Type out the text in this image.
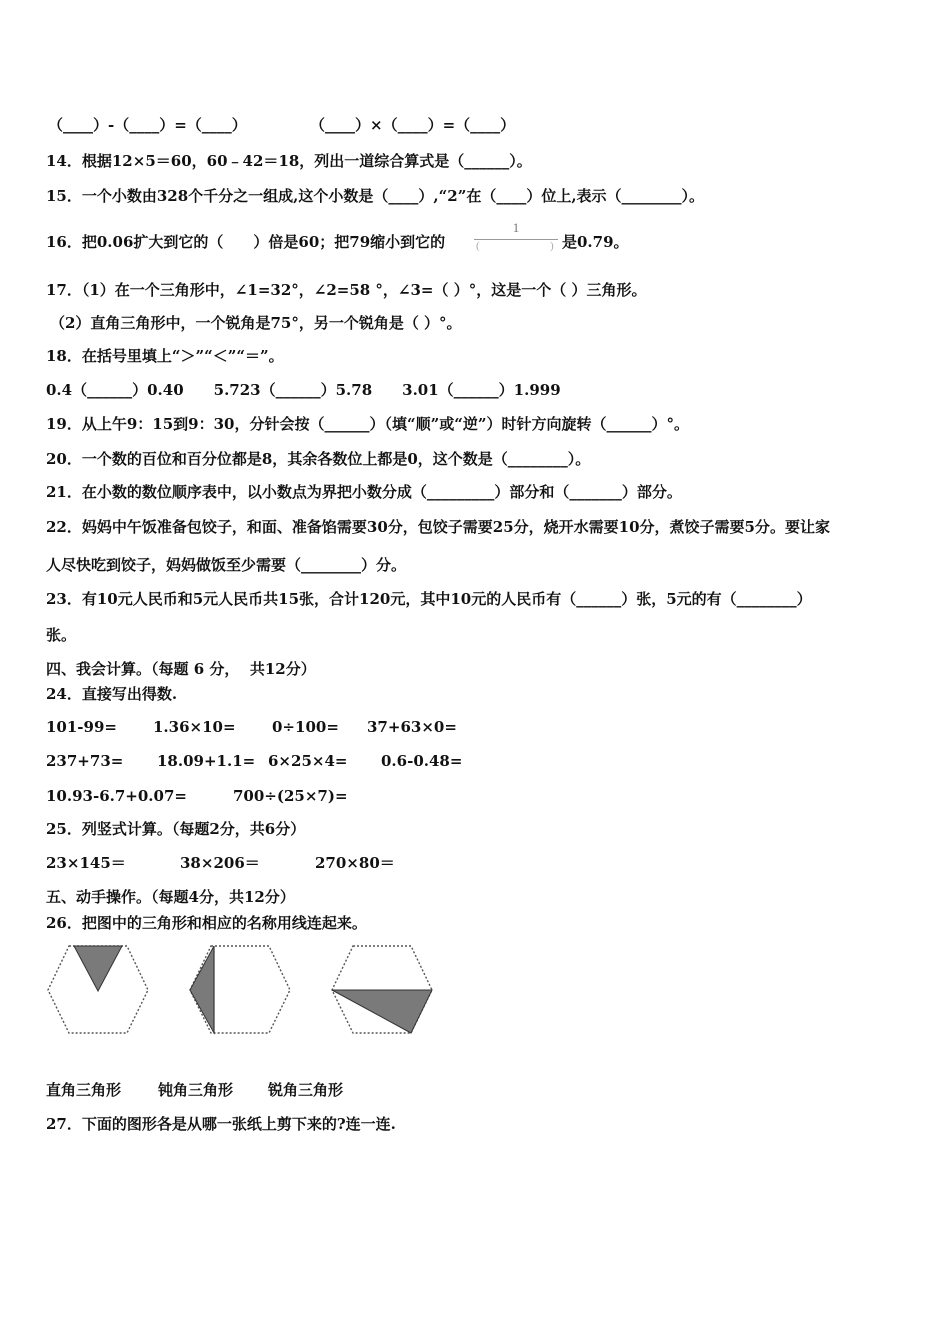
（____）-（____）=（____）	（____）×（____）=（____）
14．根据12×5＝60，60﹣42＝18，列出一道综合算式是（______）。
15．一个小数由328个千分之一组成,这个小数是（____）,“2”在（____）位上,表示（________）。
16．把0.06扩大到它的（　　）倍是60；把79缩小到它的
1
(	) 是0.79。
17．（1）在一个三角形中，∠1=32°，∠2=58 °，∠3=（ ）°，这是一个（ ）三角形。
（2）直角三角形中，一个锐角是75°，另一个锐角是（ ）°。
18．在括号里填上“＞”“＜”“＝”。
0.4（______）0.40　　5.723（______）5.78　　3.01（______）1.999
19．从上午9：15到9：30，分针会按（______）（填“顺”或“逆”）时针方向旋转（______）°。
20．一个数的百位和百分位都是8，其余各数位上都是0，这个数是（________）。
21．在小数的数位顺序表中，以小数点为界把小数分成（_________）部分和（_______）部分。
22．妈妈中午饭准备包饺子，和面、准备馅需要30分，包饺子需要25分，烧开水需要10分，煮饺子需要5分。要让家
人尽快吃到饺子，妈妈做饭至少需要（________）分。
23．有10元人民币和5元人民币共15张，合计120元，其中10元的人民币有（______）张，5元的有（________）
张。
四、我会计算。（每题 6 分，  共12分）
24．直接写出得数.
101-99= 1.36×10= 0÷100= 37+63×0=
237+73= 18.09+1.1= 6×25×4= 0.6-0.48=
10.93-6.7+0.07=	700÷(25×7)=
25．列竖式计算。（每题2分，共6分）
23×145＝	38×206＝	270×80＝
五、动手操作。（每题4分，共12分）
26．把图中的三角形和相应的名称用线连起来。
直角三角形 钝角三角形 锐角三角形
27．下面的图形各是从哪一张纸上剪下来的?连一连.
